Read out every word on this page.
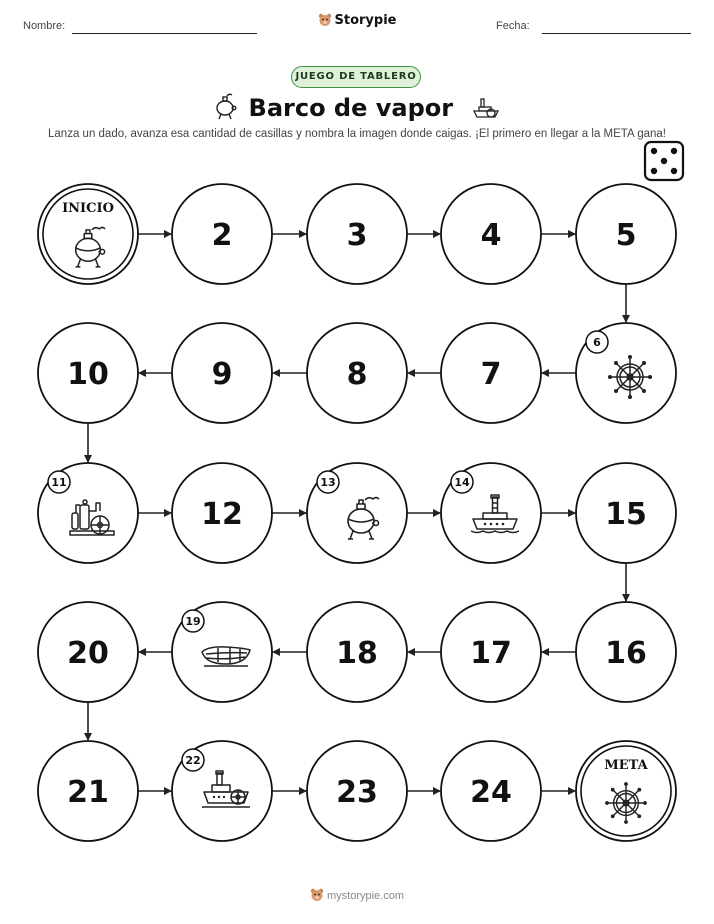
Nombre:	Storypie	Fecha:
JUEGO DE TABLERO
Barco de vapor
Lanza un dado, avanza esa cantidad de casillas y nombra la imagen donde caigas. ¡El primero en llegar a la META gana!
INICIO
2	3	4	5
6
7
8
9
10
11
12
13	14
15
16
17
18
19
20
21
22
23	24
META
mystorypie.com
